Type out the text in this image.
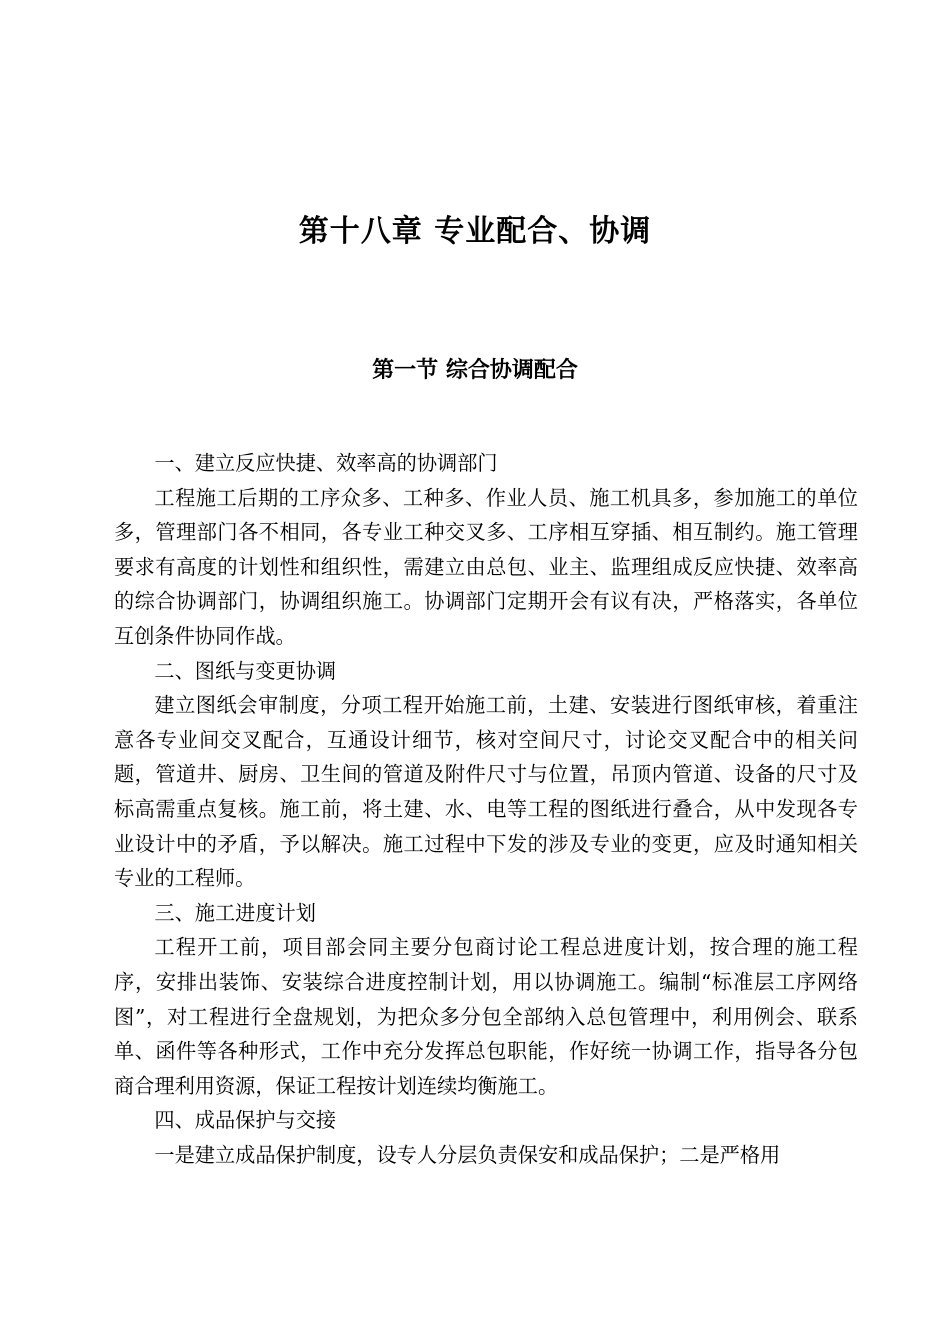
第十八章 专业配合、协调
第一节 综合协调配合

一、建立反应快捷、效率高的协调部门

工程施工后期的工序众多、工种多、作业人员、施工机具多，参加施工的单位多，管理部门各不相同，各专业工种交叉多、工序相互穿插、相互制约。施工管理要求有高度的计划性和组织性，需建立由总包、业主、监理组成反应快捷、效率高的综合协调部门，协调组织施工。协调部门定期开会有议有决，严格落实，各单位互创条件协同作战。

二、图纸与变更协调

建立图纸会审制度，分项工程开始施工前，土建、安装进行图纸审核，着重注意各专业间交叉配合，互通设计细节，核对空间尺寸，讨论交叉配合中的相关问题，管道井、厨房、卫生间的管道及附件尺寸与位置，吊顶内管道、设备的尺寸及标高需重点复核。施工前，将土建、水、电等工程的图纸进行叠合，从中发现各专业设计中的矛盾，予以解决。施工过程中下发的涉及专业的变更，应及时通知相关专业的工程师。

三、施工进度计划

工程开工前，项目部会同主要分包商讨论工程总进度计划，按合理的施工程序，安排出装饰、安装综合进度控制计划，用以协调施工。编制“标准层工序网络图”，对工程进行全盘规划，为把众多分包全部纳入总包管理中，利用例会、联系单、函件等各种形式，工作中充分发挥总包职能，作好统一协调工作，指导各分包商合理利用资源，保证工程按计划连续均衡施工。

四、成品保护与交接

一是建立成品保护制度，设专人分层负责保安和成品保护；二是严格用
